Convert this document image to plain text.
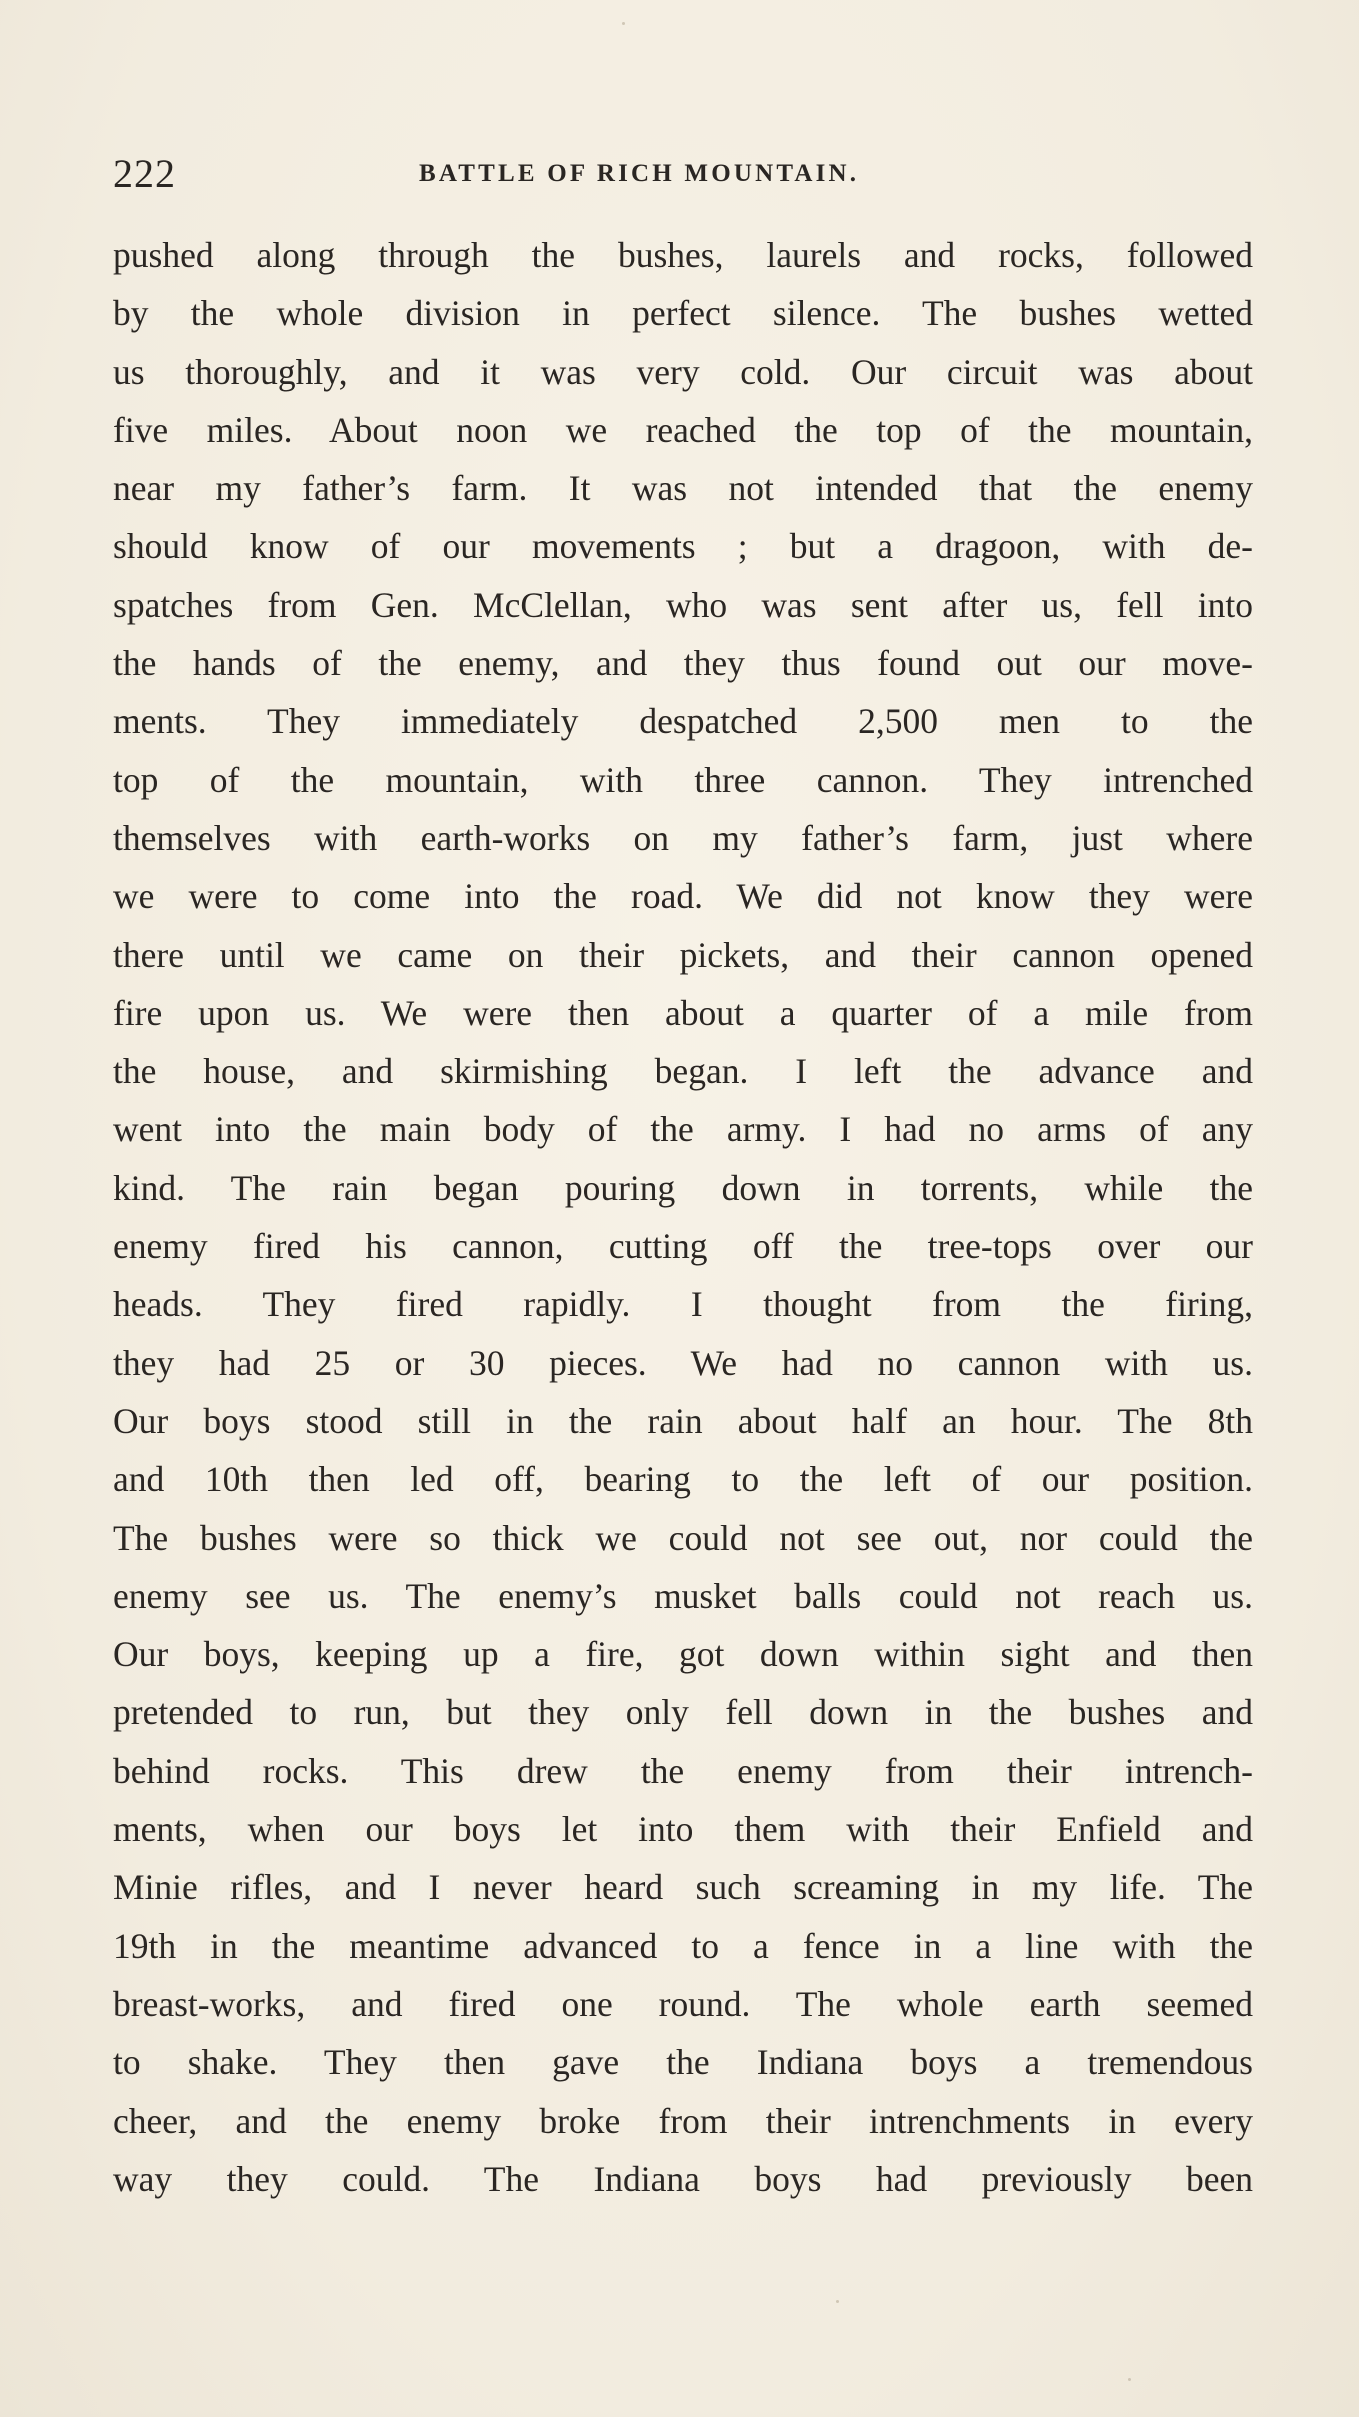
222	BATTLE OF RICH MOUNTAIN.
pushed along through the bushes, laurels and rocks, followed
by the whole division in perfect silence. The bushes wetted
us thoroughly, and it was very cold. Our circuit was about
five miles. About noon we reached the top of the mountain,
near my father’s farm. It was not intended that the enemy
should know of our movements ; but a dragoon, with de-
spatches from Gen. McClellan, who was sent after us, fell into
the hands of the enemy, and they thus found out our move-
ments. They immediately despatched 2,500 men to the
top of the mountain, with three cannon. They intrenched
themselves with earth-works on my father’s farm, just where
we were to come into the road. We did not know they were
there until we came on their pickets, and their cannon opened
fire upon us. We were then about a quarter of a mile from
the house, and skirmishing began. I left the advance and
went into the main body of the army. I had no arms of any
kind. The rain began pouring down in torrents, while the
enemy fired his cannon, cutting off the tree-tops over our
heads. They fired rapidly. I thought from the firing,
they had 25 or 30 pieces. We had no cannon with us.
Our boys stood still in the rain about half an hour. The 8th
and 10th then led off, bearing to the left of our position.
The bushes were so thick we could not see out, nor could the
enemy see us. The enemy’s musket balls could not reach us.
Our boys, keeping up a fire, got down within sight and then
pretended to run, but they only fell down in the bushes and
behind rocks. This drew the enemy from their intrench-
ments, when our boys let into them with their Enfield and
Minie rifles, and I never heard such screaming in my life. The
19th in the meantime advanced to a fence in a line with the
breast-works, and fired one round. The whole earth seemed
to shake. They then gave the Indiana boys a tremendous
cheer, and the enemy broke from their intrenchments in every
way they could. The Indiana boys had previously been
